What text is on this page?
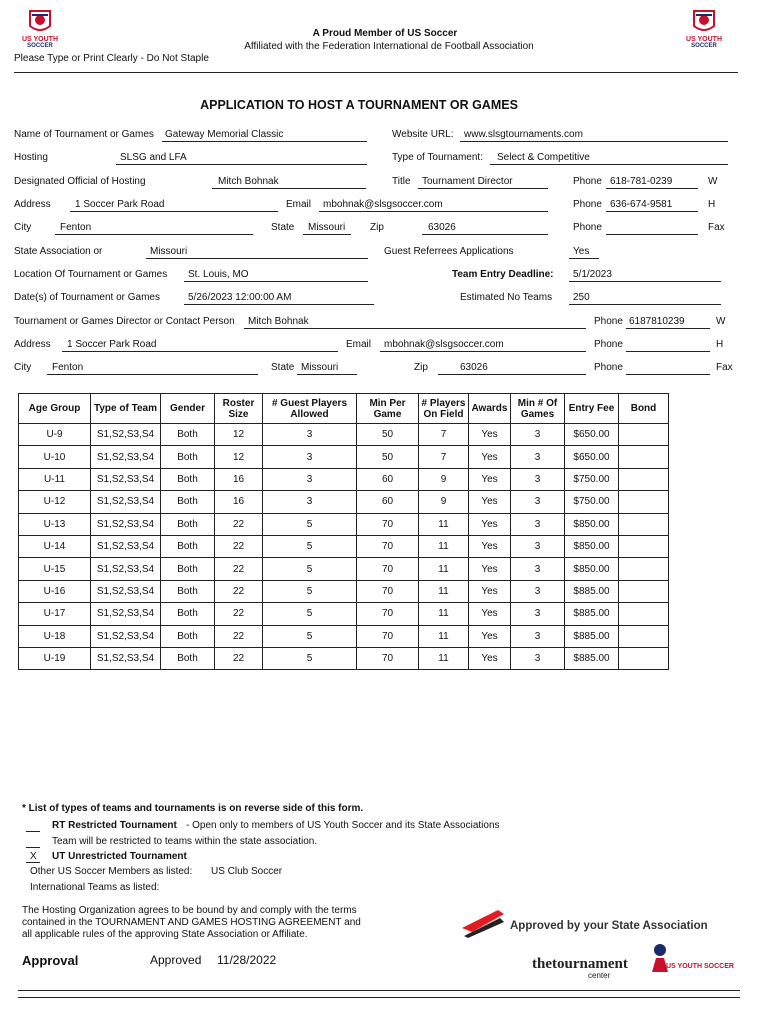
US YOUTH
SOCCER
US YOUTH
SOCCER
A Proud Member of US Soccer
Affiliated with the Federation International de Football Association
Please Type or Print Clearly - Do Not Staple
APPLICATION TO HOST A TOURNAMENT OR GAMES
Name of Tournament or Games Gateway Memorial Classic	Website URL: www.slsgtournaments.com
Hosting	SLSG and LFA	Type of Tournament: Select & Competitive
Designated Official of Hosting	Mitch Bohnak	Title Tournament Director	Phone 618-781-0239	W
Address 1 Soccer Park Road	Email mbohnak@slsgsoccer.com	Phone 636-674-9581	H
City	Fenton	State Missouri Zip	63026	Phone	Fax
State Association or	Missouri	Guest Referrees Applications	Yes
Location Of Tournament or Games St. Louis, MO	Team Entry Deadline: 5/1/2023
Date(s) of Tournament or Games	5/26/2023 12:00:00 AM	Estimated No Teams 250
Tournament or Games Director or Contact Person Mitch Bohnak	Phone 6187810239	W
Address 1 Soccer Park Road	Email mbohnak@slsgsoccer.com	Phone	H
City Fenton	State Missouri	Zip	63026	Phone	Fax
Age Group	Type of Team	Gender	Roster Size	# Guest Players Allowed	Min Per Game	# Players On Field	Awards	Min # Of Games	Entry Fee	Bond
U-9	S1,S2,S3,S4	Both	12	3	50	7	Yes	3	$650.00	
U-10	S1,S2,S3,S4	Both	12	3	50	7	Yes	3	$650.00	
U-11	S1,S2,S3,S4	Both	16	3	60	9	Yes	3	$750.00	
U-12	S1,S2,S3,S4	Both	16	3	60	9	Yes	3	$750.00	
U-13	S1,S2,S3,S4	Both	22	5	70	11	Yes	3	$850.00	
U-14	S1,S2,S3,S4	Both	22	5	70	11	Yes	3	$850.00	
U-15	S1,S2,S3,S4	Both	22	5	70	11	Yes	3	$850.00	
U-16	S1,S2,S3,S4	Both	22	5	70	11	Yes	3	$885.00	
U-17	S1,S2,S3,S4	Both	22	5	70	11	Yes	3	$885.00	
U-18	S1,S2,S3,S4	Both	22	5	70	11	Yes	3	$885.00	
U-19	S1,S2,S3,S4	Both	22	5	70	11	Yes	3	$885.00	
* List of types of teams and tournaments is on reverse side of this form.
RT Restricted Tournament - Open only to members of US Youth Soccer and its State Associations
Team will be restricted to teams within the state association.
X UT Unrestricted Tournament
Other US Soccer Members as listed: US Club Soccer
International Teams as listed:
The Hosting Organization agrees to be bound by and comply with the terms
contained in the TOURNAMENT AND GAMES HOSTING AGREEMENT and
all applicable rules of the approving State Association or Affiliate.
Approval	Approved 11/28/2022
Approved by your State Association
thetournament
center
US YOUTH SOCCER
